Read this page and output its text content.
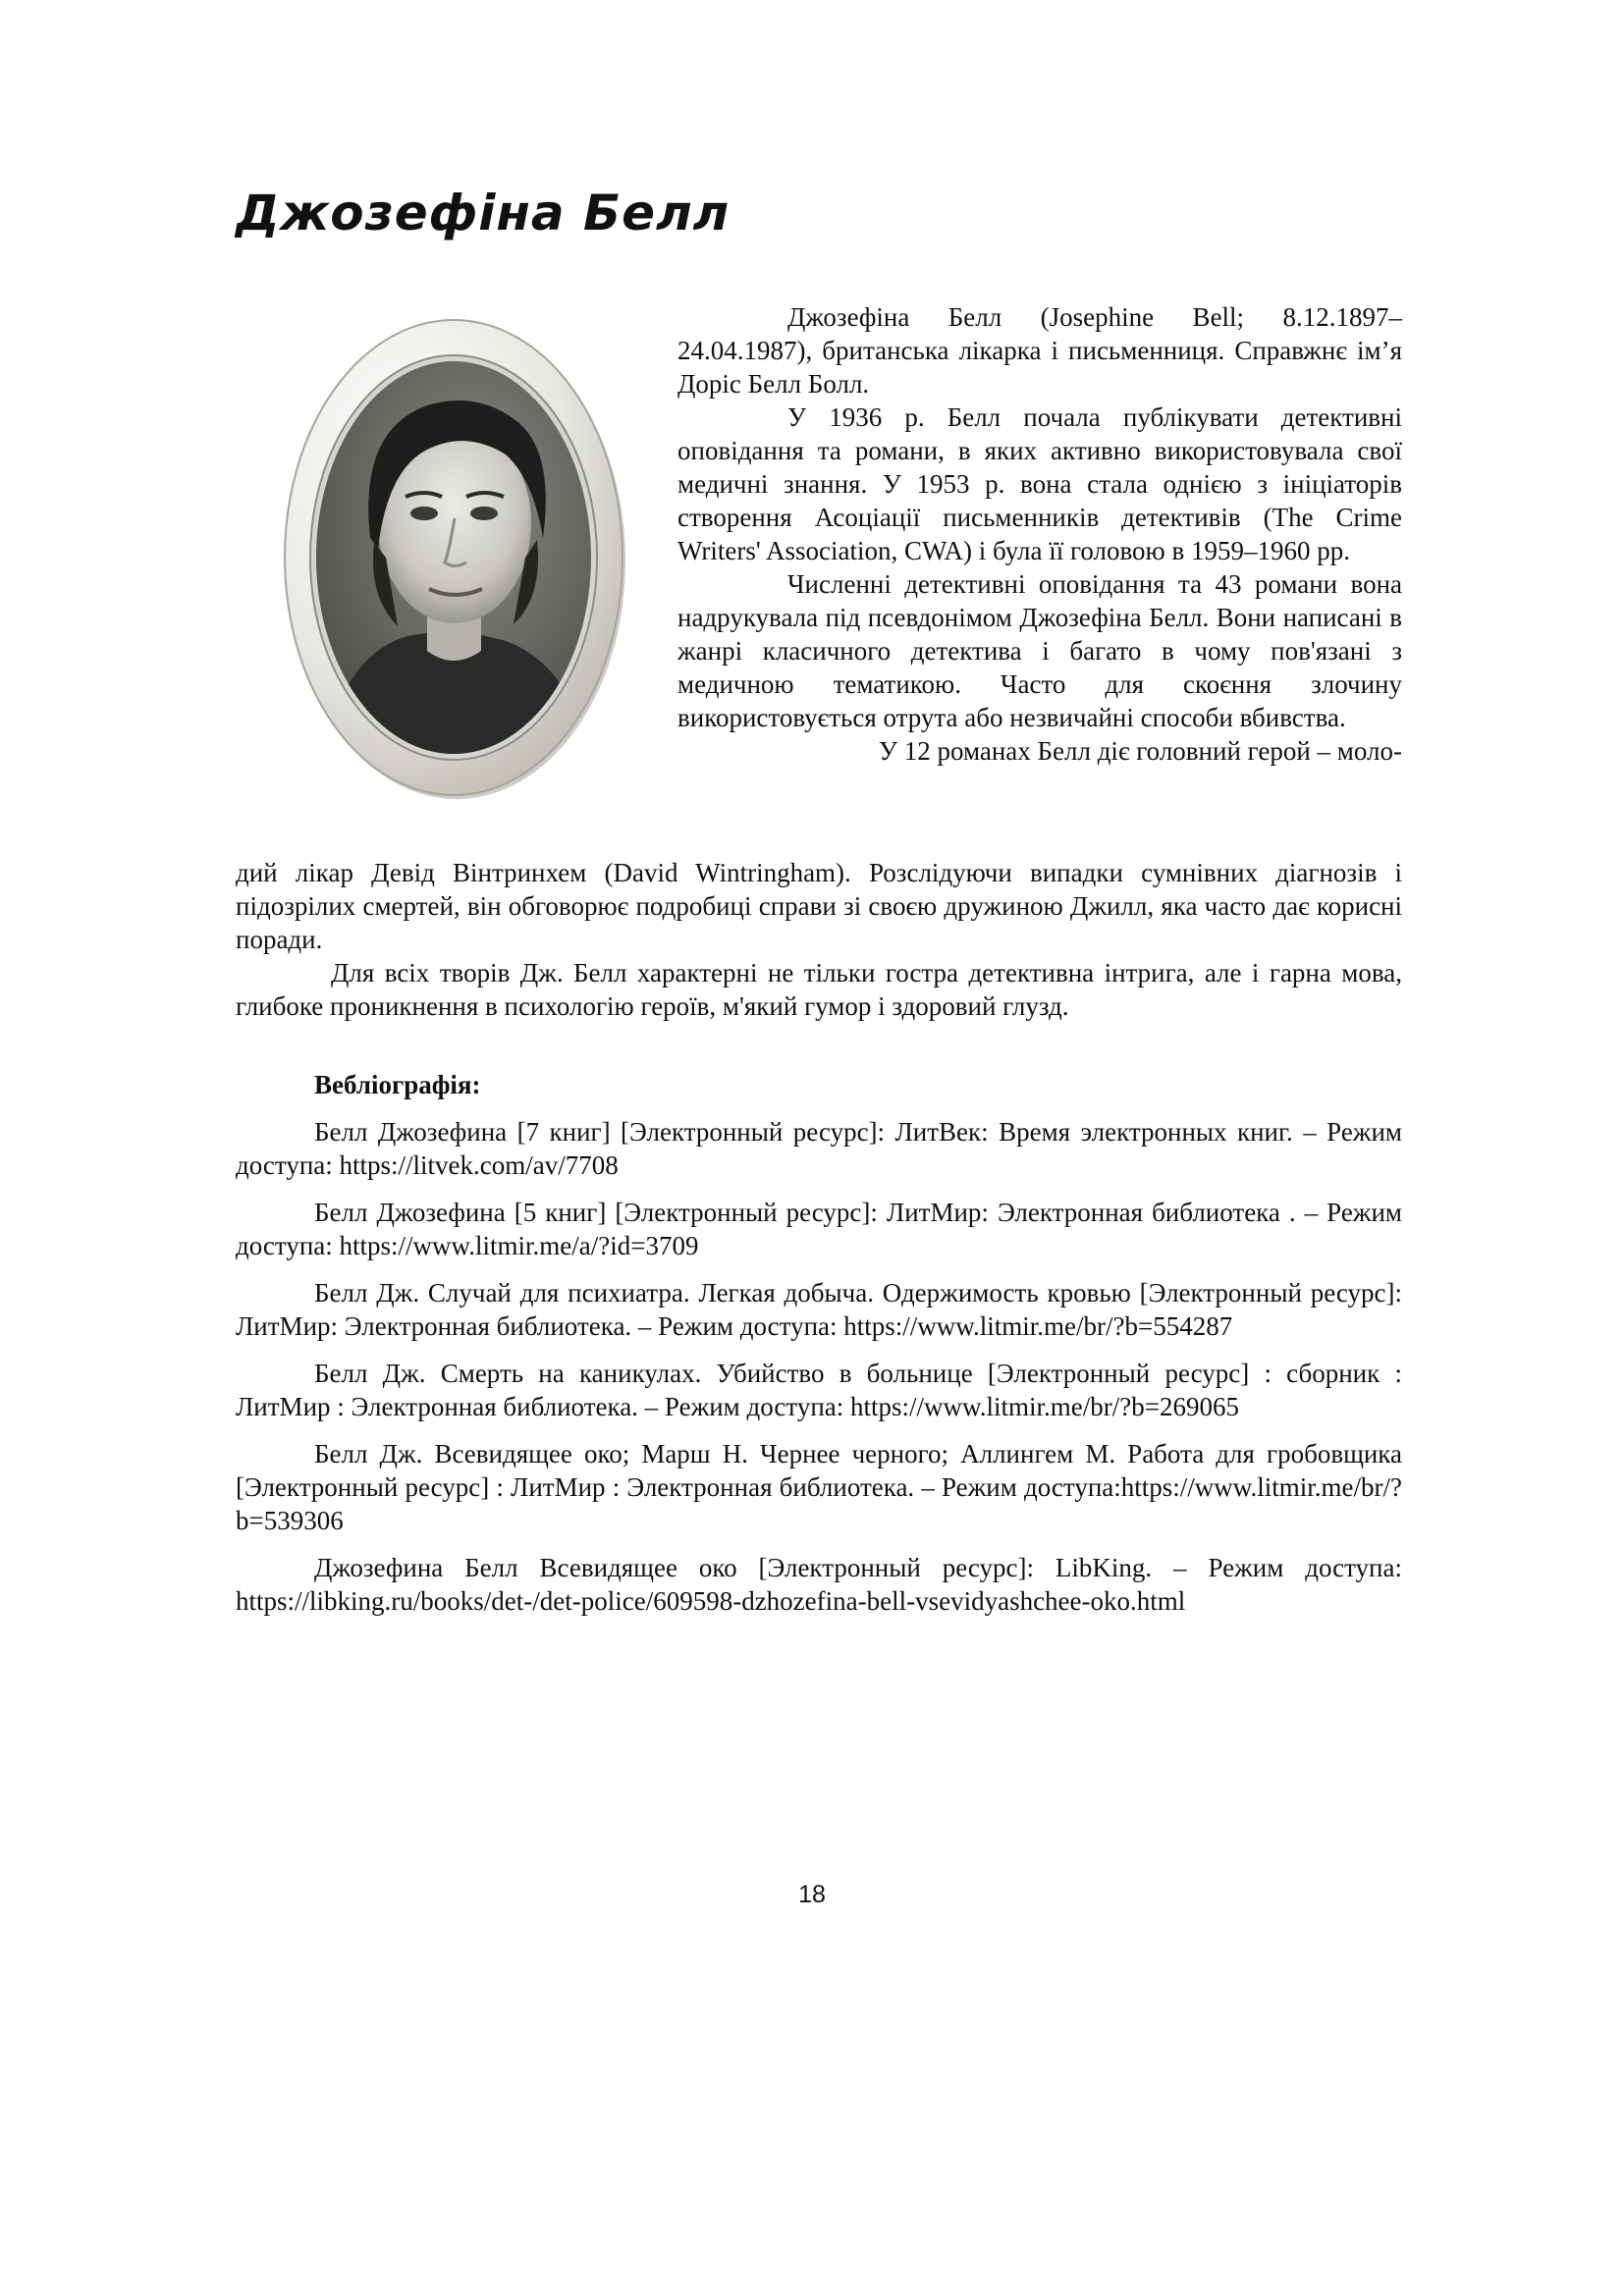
Джозефіна Белл

Джозефіна Белл (Josephine Bell; 8.12.1897–24.04.1987), британська лікарка і письменниця. Справжнє ім’я Доріс Белл Болл.

У 1936 р. Белл почала публікувати детективні оповідання та романи, в яких активно використовувала свої медичні знання. У 1953 р. вона стала однією з ініціаторів створення Асоціації письменників детективів (The Crime Writers' Association, CWA) і була її головою в 1959–1960 рр.

Численні детективні оповідання та 43 романи вона надрукувала під псевдонімом Джозефіна Белл. Вони написані в жанрі класичного детектива і багато в чому пов'язані з медичною тематикою. Часто для скоєння злочину використовується отрута або незвичайні способи вбивства.

У 12 романах Белл діє головний герой – моло-

дий лікар Девід Вінтринхем (David Wintringham). Розслідуючи випадки сумнівних діагнозів і підозрілих смертей, він обговорює подробиці справи зі своєю дружиною Джилл, яка часто дає корисні поради.

Для всіх творів Дж. Белл характерні не тільки гостра детективна інтрига, але і гарна мова, глибоке проникнення в психологію героїв, м'який гумор і здоровий глузд.

Вебліографія:

Белл Джозефина [7 книг] [Электронный ресурс]: ЛитВек: Время электронных книг. – Режим доступа: https://litvek.com/av/7708

Белл Джозефина [5 книг] [Электронный ресурс]: ЛитМир: Электронная библиотека . – Режим доступа: https://www.litmir.me/a/?id=3709

Белл Дж. Случай для психиатра. Легкая добыча. Одержимость кровью [Электронный ресурс]: ЛитМир: Электронная библиотека. – Режим доступа: https://www.litmir.me/br/?b=554287

Белл Дж. Смерть на каникулах. Убийство в больнице [Электронный ресурс] : сборник : ЛитМир : Электронная библиотека. – Режим доступа: https://www.litmir.me/br/?b=269065

Белл Дж. Всевидящее око; Марш Н. Чернее черного; Аллингем М. Работа для гробовщика [Электронный ресурс] : ЛитМир : Электронная библиотека. – Режим доступа:https://www.litmir.me/br/?b=539306

Джозефина Белл Всевидящее око [Электронный ресурс]: LibKing. – Режим доступа: https://libking.ru/books/det-/det-police/609598-dzhozefina-bell-vsevidyashchee-oko.html

18
